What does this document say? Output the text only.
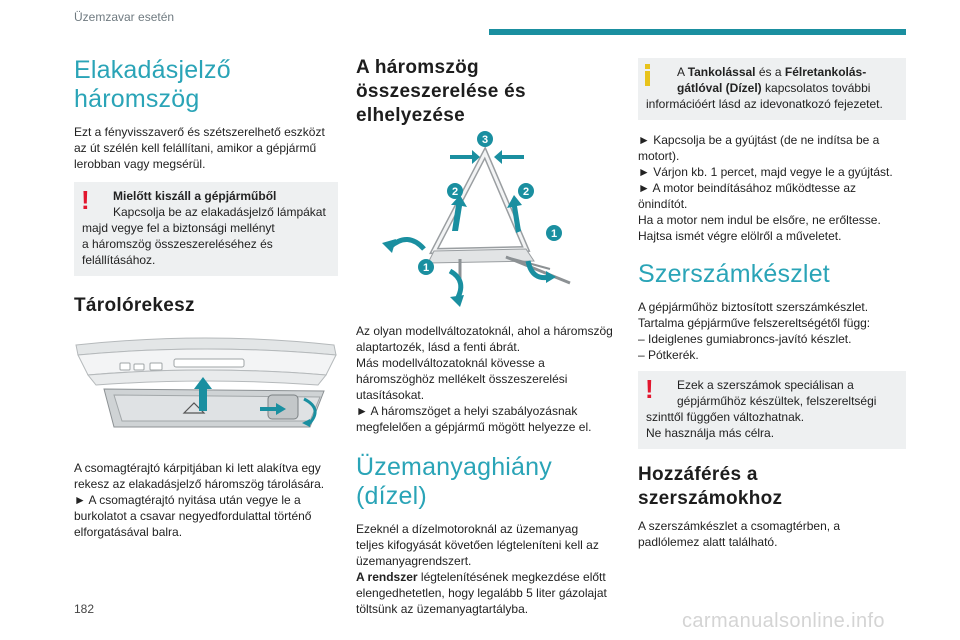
Üzemzavar esetén
Elakadásjelző háromszög

Ezt a fényvisszaverő és szétszerelhető eszközt

az út szélén kell felállítani, amikor a gépjármű

lerobban vagy megsérül.

!	Mielőtt kiszáll a gépjárműből

Kapcsolja be az elakadásjelző lámpákat

majd vegye fel a biztonsági mellényt

a háromszög összeszereléséhez és

felállításához.

Tárolórekesz

A csomagtérajtó kárpitjában ki lett alakítva egy

rekesz az elakadásjelző háromszög tárolására.

► A csomagtérajtó nyitása után vegye le a

burkolatot a csavar negyedfordulattal történő

elforgatásával balra.

A háromszög
összeszerelése és
elhelyezése
3
2	2
1
1

Az olyan modellváltozatoknál, ahol a háromszög

alaptartozék, lásd a fenti ábrát.

Más modellváltozatoknál kövesse a

háromszöghöz mellékelt összeszerelési

utasításokat.

► A háromszöget a helyi szabályozásnak

megfelelően a gépjármű mögött helyezze el.

Üzemanyaghiány (dízel)

Ezeknél a dízelmotoroknál az üzemanyag

teljes kifogyását követően légteleníteni kell az

üzemanyagrendszert.

A rendszer légtelenítésének megkezdése előtt

elengedhetetlen, hogy legalább 5 liter gázolajat

töltsünk az üzemanyagtartályba.

A Tankolással és a Félretankolás-

gátlóval (Dízel) kapcsolatos további

információért lásd az idevonatkozó fejezetet.

► Kapcsolja be a gyújtást (de ne indítsa be a

motort).

► Várjon kb. 1 percet, majd vegye le a gyújtást.

► A motor beindításához működtesse az

önindítót.

Ha a motor nem indul be elsőre, ne erőltesse.

Hajtsa ismét végre elölről a műveletet.

Szerszámkészlet

A gépjárműhöz biztosított szerszámkészlet.

Tartalma gépjárműve felszereltségétől függ:

– Ideiglenes gumiabroncs-javító készlet.

– Pótkerék.

!	Ezek a szerszámok speciálisan a

gépjárműhöz készültek, felszereltségi

szinttől függően változhatnak.

Ne használja más célra.

Hozzáférés a
szerszámokhoz

A szerszámkészlet a csomagtérben, a

padlólemez alatt található.

182
carmanualsonline.info
